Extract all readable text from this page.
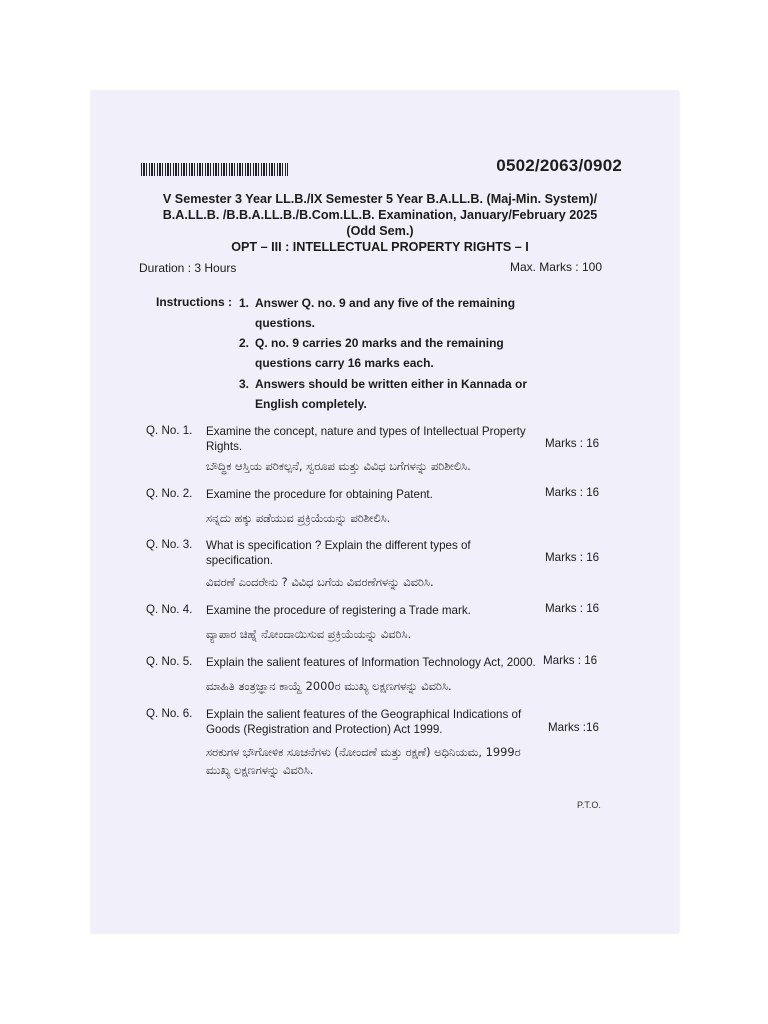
0502/2063/0902
V Semester 3 Year LL.B./IX Semester 5 Year B.A.LL.B. (Maj-Min. System)/
B.A.LL.B. /B.B.A.LL.B./B.Com.LL.B. Examination, January/February 2025
(Odd Sem.)
OPT – III : INTELLECTUAL PROPERTY RIGHTS – I
Duration : 3 Hours	Max. Marks : 100
Instructions : 1. Answer Q. no. 9 and any five of the remaining
questions.
2. Q. no. 9 carries 20 marks and the remaining
questions carry 16 marks each.
3. Answers should be written either in Kannada or
English completely.
Q. No. 1. Examine the concept, nature and types of Intellectual Property Rights.	Marks : 16
ಬೌದ್ಧಿಕ ಆಸ್ತಿಯ ಪರಿಕಲ್ಪನೆ, ಸ್ವರೂಪ ಮತ್ತು ವಿವಿಧ ಬಗೆಗಳನ್ನು ಪರಿಶೀಲಿಸಿ.
Q. No. 2. Examine the procedure for obtaining Patent.	Marks : 16
ಸನ್ನದು ಹಕ್ಕು ಪಡೆಯುವ ಪ್ರಕ್ರಿಯೆಯನ್ನು ಪರಿಶೀಲಿಸಿ.
Q. No. 3. What is specification ? Explain the different types of specification.	Marks : 16
ವಿವರಣೆ ಎಂದರೇನು ? ವಿವಿಧ ಬಗೆಯ ವಿವರಣೆಗಳನ್ನು ವಿವರಿಸಿ.
Q. No. 4. Examine the procedure of registering a Trade mark.	Marks : 16
ವ್ಯಾಪಾರ ಚಿಹ್ನೆ ನೋಂದಾಯಿಸುವ ಪ್ರಕ್ರಿಯೆಯನ್ನು ವಿವರಿಸಿ.
Q. No. 5. Explain the salient features of Information Technology Act, 2000. Marks : 16
ಮಾಹಿತಿ ತಂತ್ರಜ್ಞಾನ ಕಾಯ್ದೆ 2000ರ ಮುಖ್ಯ ಲಕ್ಷಣಗಳನ್ನು ವಿವರಿಸಿ.
Q. No. 6. Explain the salient features of the Geographical Indications of Goods (Registration and Protection) Act 1999.	Marks :16
ಸರಕುಗಳ ಭೌಗೋಳಿಕ ಸೂಚನೆಗಳು (ನೋಂದಣೆ ಮತ್ತು ರಕ್ಷಣೆ) ಅಧಿನಿಯಮ, 1999ರ ಮುಖ್ಯ ಲಕ್ಷಣಗಳನ್ನು ವಿವರಿಸಿ.
P.T.O.
